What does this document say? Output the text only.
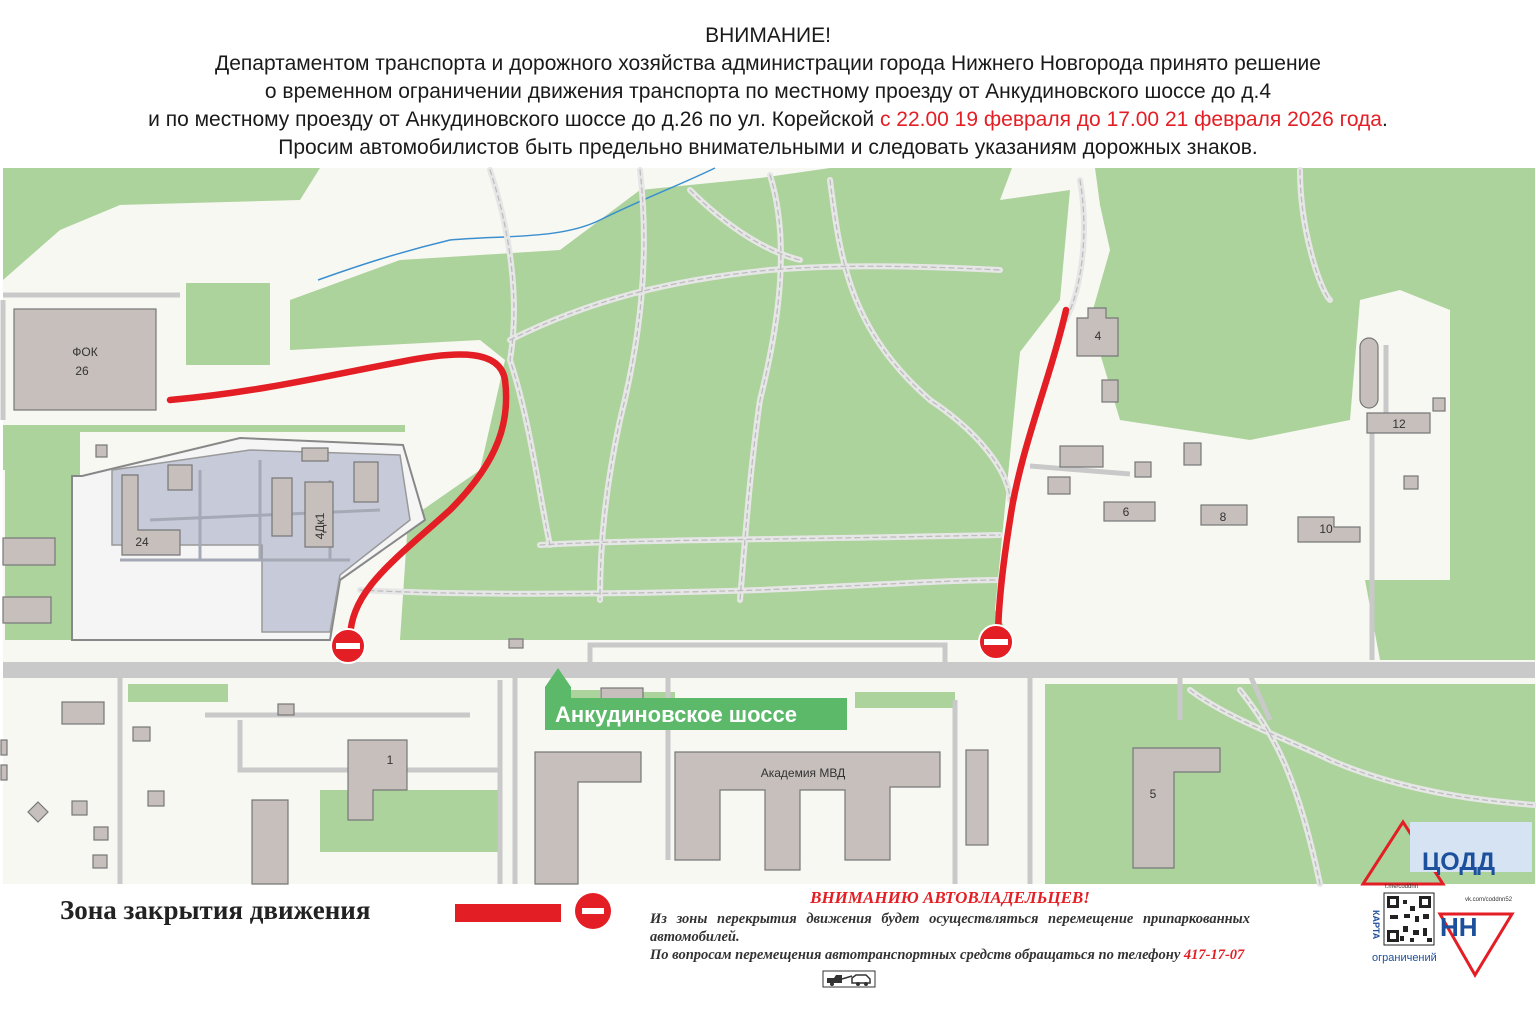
ВНИМАНИЕ!
Департаментом транспорта и дорожного хозяйства администрации города Нижнего Новгорода принято решение
о временном ограничении движения транспорта по местному проезду от Анкудиновского шоссе до д.4
и по местному проезду от Анкудиновского шоссе до д.26 по ул. Корейской с 22.00 19 февраля до 17.00 21 февраля 2026 года.
Просим автомобилистов быть предельно внимательными и следовать указаниям дорожных знаков.
Анкудиновское шоссе
ФОК
26
24
4Дк1
4
6	8
10
12
1
Академия МВД
5
ЦОДД
t.me/coddnn
vk.com/coddnn52
КАРТА НН
ограничений
Зона закрытия движения	ВНИМАНИЮ АВТОВЛАДЕЛЬЦЕВ!

Из зоны перекрытия движения будет осуществляться перемещение припаркованных автомобилей.

По вопросам перемещения автотранспортных средств обращаться по телефону 417-17-07
